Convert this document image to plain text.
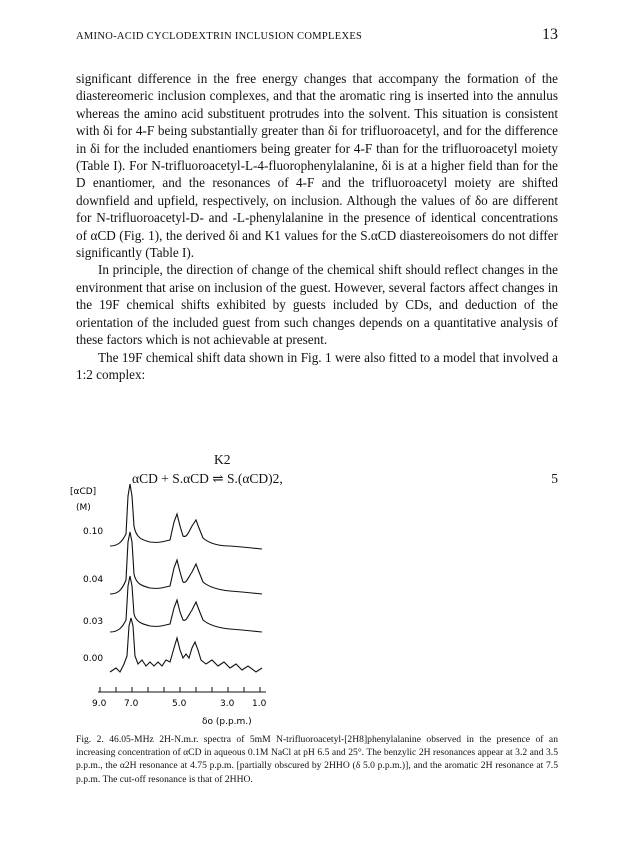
AMINO-ACID CYCLODEXTRIN INCLUSION COMPLEXES	13

significant difference in the free energy changes that accompany the formation of the diastereomeric inclusion complexes, and that the aromatic ring is inserted into the annulus whereas the amino acid substituent protrudes into the solvent. This situation is consistent with δi for 4-F being substantially greater than δi for trifluoroacetyl, and for the difference in δi for the included enantiomers being greater for 4-F than for the trifluoroacetyl moiety (Table I). For N-trifluoroacetyl-L-4-fluorophenylalanine, δi is at a higher field than for the D enantiomer, and the resonances of 4-F and the trifluoroacetyl moiety are shifted downfield and upfield, respectively, on inclusion. Although the values of δo are different for N-trifluoroacetyl-D- and -L-phenylalanine in the presence of identical concentrations of αCD (Fig. 1), the derived δi and K1 values for the S.αCD diastereoisomers do not differ significantly (Table I).

In principle, the direction of change of the chemical shift should reflect changes in the environment that arise on inclusion of the guest. However, several factors affect changes in the 19F chemical shifts exhibited by guests included by CDs, and deduction of the orientation of the included guest from such changes depends on a quantitative analysis of these factors which is not achievable at present.

The 19F chemical shift data shown in Fig. 1 were also fitted to a model that involved a 1:2 complex:

K2
αCD + S.αCD ⇌ S.(αCD)2,	5
[αCD]
(M)
0.10
0.04
0.03
0.00
9.0 7.0	5.0	3.0 1.0
δo (p.p.m.)
Fig. 2. 46.05-MHz 2H-N.m.r. spectra of 5mM N-trifluoroacetyl-[2H8]phenylalanine observed in the presence of an increasing concentration of αCD in aqueous 0.1M NaCl at pH 6.5 and 25°. The benzylic 2H resonances appear at 3.2 and 3.5 p.p.m., the α2H resonance at 4.75 p.p.m. [partially obscured by 2HHO (δ 5.0 p.p.m.)], and the aromatic 2H resonance at 7.5 p.p.m. The cut-off resonance is that of 2HHO.
